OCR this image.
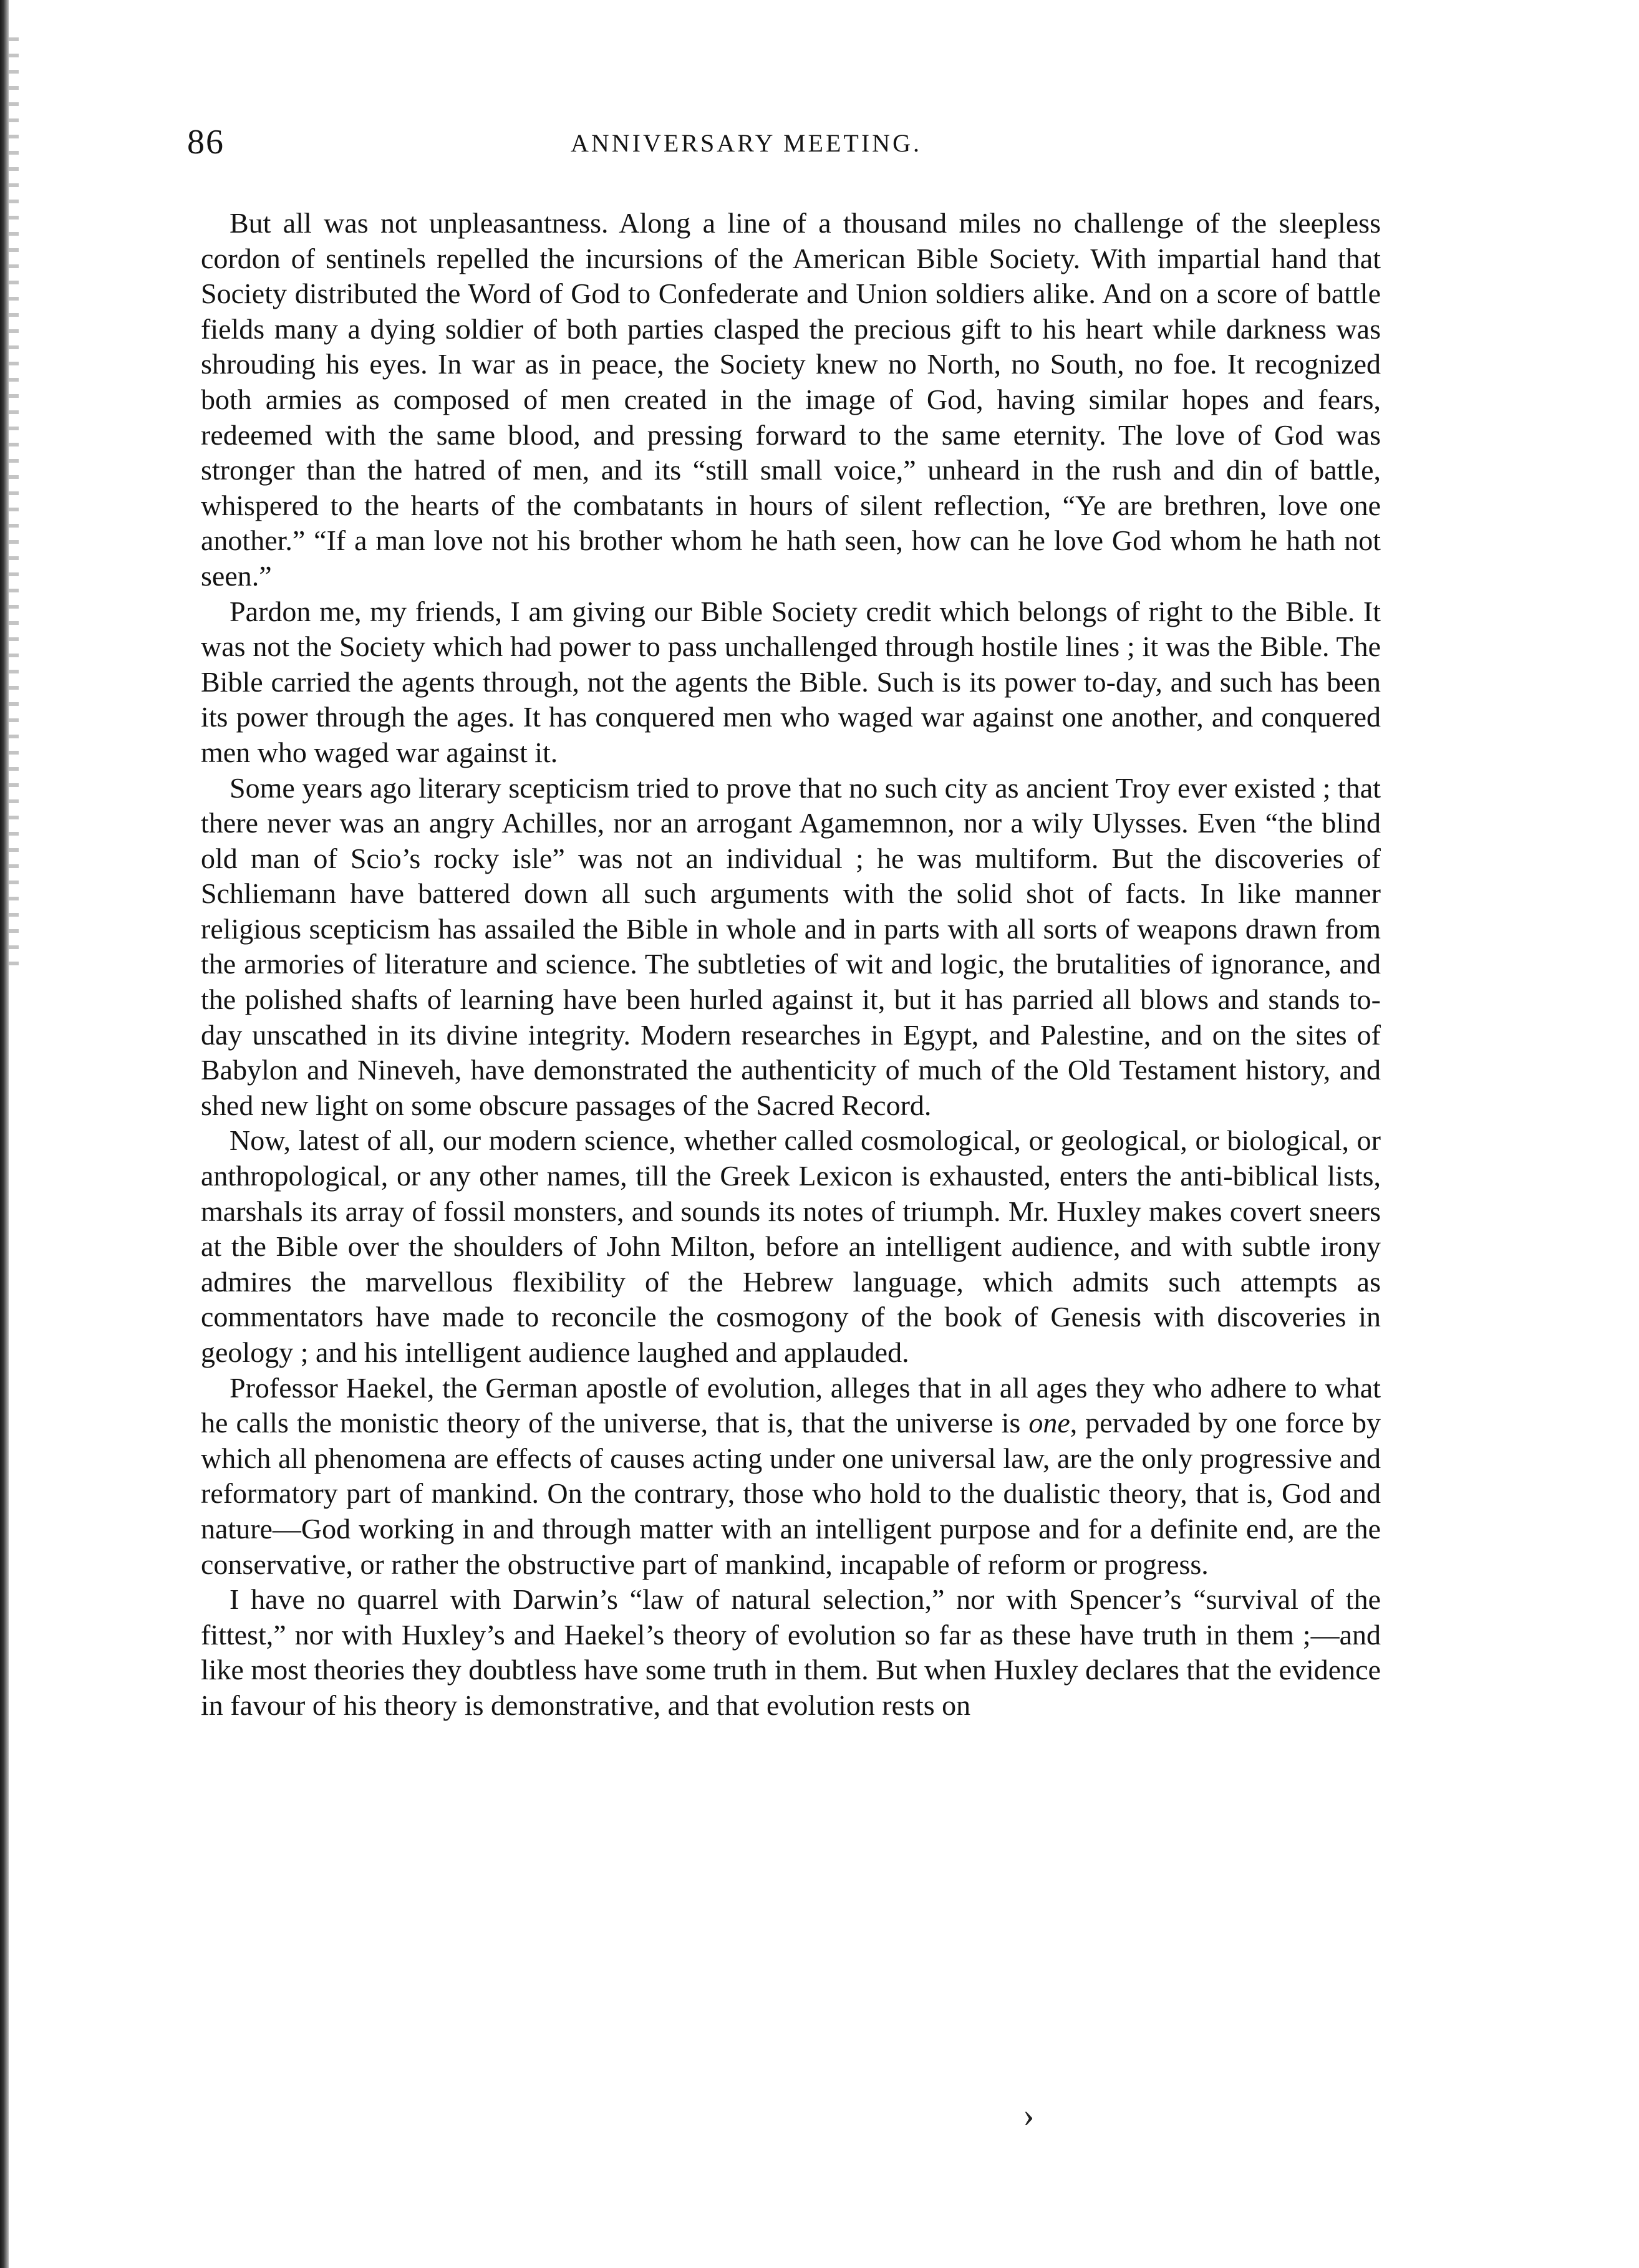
86	ANNIVERSARY MEETING.

But all was not unpleasantness. Along a line of a thousand miles no challenge of the sleepless cordon of sentinels repelled the incursions of the American Bible Society. With impartial hand that Society distributed the Word of God to Confederate and Union soldiers alike. And on a score of battle fields many a dying soldier of both parties clasped the precious gift to his heart while darkness was shrouding his eyes. In war as in peace, the Society knew no North, no South, no foe. It recognized both armies as composed of men created in the image of God, having similar hopes and fears, redeemed with the same blood, and pressing forward to the same eternity. The love of God was stronger than the hatred of men, and its “still small voice,” unheard in the rush and din of battle, whispered to the hearts of the combatants in hours of silent reflection, “Ye are brethren, love one another.” “If a man love not his brother whom he hath seen, how can he love God whom he hath not seen.”

Pardon me, my friends, I am giving our Bible Society credit which belongs of right to the Bible. It was not the Society which had power to pass unchallenged through hostile lines ; it was the Bible. The Bible carried the agents through, not the agents the Bible. Such is its power to-day, and such has been its power through the ages. It has conquered men who waged war against one another, and conquered men who waged war against it.

Some years ago literary scepticism tried to prove that no such city as ancient Troy ever existed ; that there never was an angry Achilles, nor an arrogant Agamemnon, nor a wily Ulysses. Even “the blind old man of Scio’s rocky isle” was not an individual ; he was multiform. But the discoveries of Schliemann have battered down all such arguments with the solid shot of facts. In like manner religious scepticism has assailed the Bible in whole and in parts with all sorts of weapons drawn from the armories of literature and science. The subtleties of wit and logic, the brutalities of ignorance, and the polished shafts of learning have been hurled against it, but it has parried all blows and stands to-day unscathed in its divine integrity. Modern researches in Egypt, and Palestine, and on the sites of Babylon and Nineveh, have demonstrated the authenticity of much of the Old Testament history, and shed new light on some obscure passages of the Sacred Record.

Now, latest of all, our modern science, whether called cosmological, or geological, or biological, or anthropological, or any other names, till the Greek Lexicon is exhausted, enters the anti-biblical lists, marshals its array of fossil monsters, and sounds its notes of triumph. Mr. Huxley makes covert sneers at the Bible over the shoulders of John Milton, before an intelligent audience, and with subtle irony admires the marvellous flexibility of the Hebrew language, which admits such attempts as commentators have made to reconcile the cosmogony of the book of Genesis with discoveries in geology ; and his intelligent audience laughed and applauded.

Professor Haekel, the German apostle of evolution, alleges that in all ages they who adhere to what he calls the monistic theory of the universe, that is, that the universe is one, pervaded by one force by which all phenomena are effects of causes acting under one universal law, are the only progressive and reformatory part of mankind. On the contrary, those who hold to the dualistic theory, that is, God and nature—God working in and through matter with an intelligent purpose and for a definite end, are the conservative, or rather the obstructive part of mankind, incapable of reform or progress.

I have no quarrel with Darwin’s “law of natural selection,” nor with Spencer’s “survival of the fittest,” nor with Huxley’s and Haekel’s theory of evolution so far as these have truth in them ;—and like most theories they doubtless have some truth in them. But when Huxley declares that the evidence in favour of his theory is demonstrative, and that evolution rests on

›
